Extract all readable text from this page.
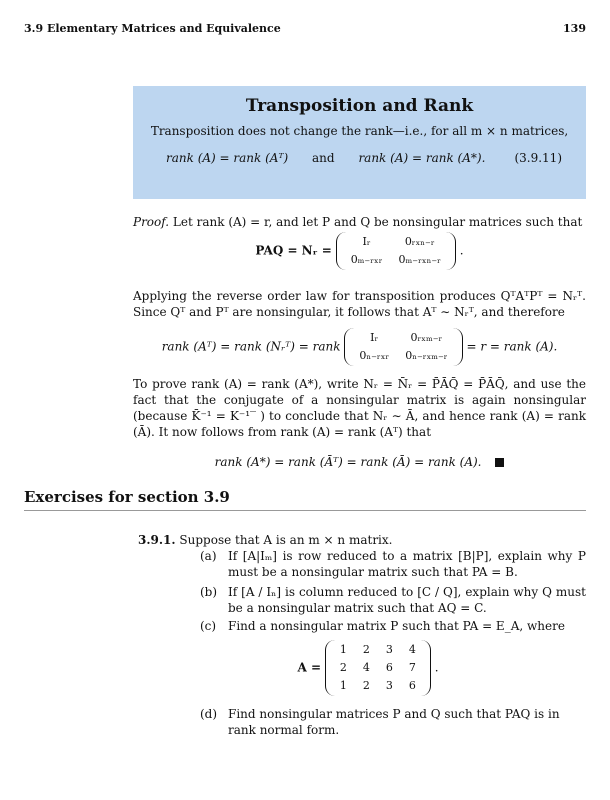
3.9 Elementary Matrices and Equivalence	139
Transposition and Rank
Transposition does not change the rank—i.e., for all m × n matrices,
rank (A) = rank (Aᵀ) and rank (A) = rank (A*). (3.9.11)
Proof. Let rank (A) = r, and let P and Q be nonsingular matrices such that
PAQ = Nᵣ =
Iᵣ	0ᵣₓₙ₋ᵣ
0ₘ₋ᵣₓᵣ	0ₘ₋ᵣₓₙ₋ᵣ
.
Applying the reverse order law for transposition produces QᵀAᵀPᵀ = Nᵣᵀ. Since Qᵀ and Pᵀ are nonsingular, it follows that Aᵀ ∼ Nᵣᵀ, and therefore
rank (Aᵀ) = rank (Nᵣᵀ) = rank
Iᵣ	0ᵣₓₘ₋ᵣ
0ₙ₋ᵣₓᵣ	0ₙ₋ᵣₓₘ₋ᵣ
= r = rank (A).
To prove rank (A) = rank (A*), write Nᵣ = N̄ᵣ = P̄ĀQ̄ = P̄ĀQ̄, and use the fact that the conjugate of a nonsingular matrix is again nonsingular (because K̄⁻¹ = K⁻¹‾ ) to conclude that Nᵣ ∼ Ā, and hence rank (A) = rank (Ā). It now follows from rank (A) = rank (Aᵀ) that
rank (A*) = rank (Āᵀ) = rank (Ā) = rank (A).
Exercises for section 3.9
3.9.1. Suppose that A is an m × n matrix.
(a) If [A|Iₘ] is row reduced to a matrix [B|P], explain why P must be a nonsingular matrix such that PA = B.
(b) If [A / Iₙ] is column reduced to [C / Q], explain why Q must be a nonsingular matrix such that AQ = C.
(c) Find a nonsingular matrix P such that PA = E_A, where
A =
1	2	3	4
2	4	6	7
1	2	3	6
.
(d) Find nonsingular matrices P and Q such that PAQ is in rank normal form.
